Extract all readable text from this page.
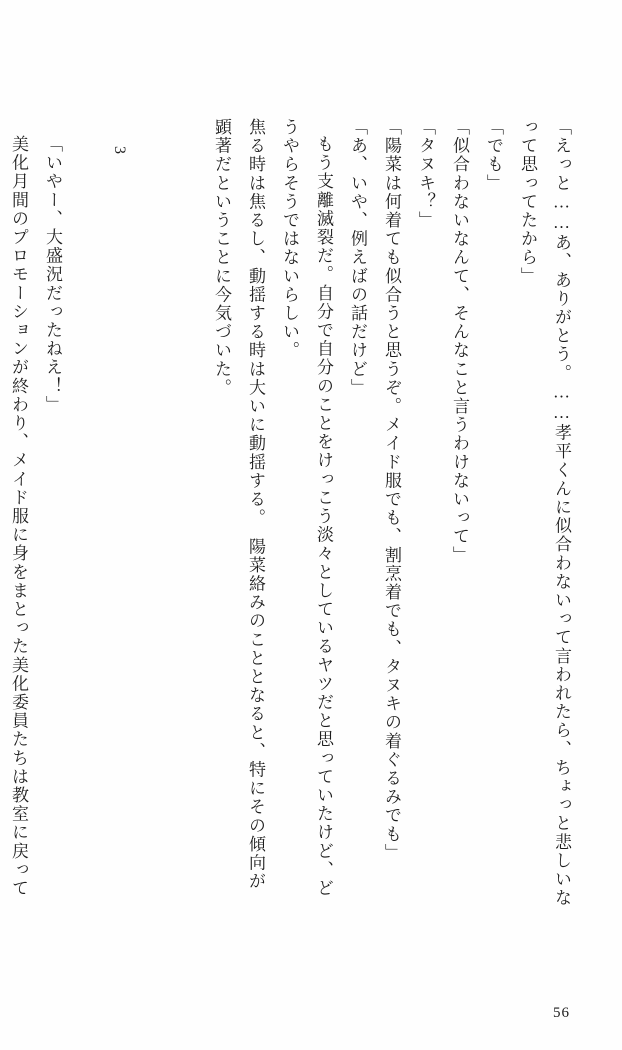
「えっと……あ、ありがとう。……孝平くんに似合わないって言われたら、ちょっと悲しいな
って思ってたから」
「でも」
「似合わないなんて、そんなこと言うわけないって」
「タヌキ？」
「陽菜は何着ても似合うと思うぞ。メイド服でも、割烹着でも、タヌキの着ぐるみでも」
「あ、いや、例えばの話だけど」
もう支離滅裂だ。自分で自分のことをけっこう淡々としているヤツだと思っていたけど、ど
うやらそうではないらしい。
焦る時は焦るし、動揺する時は大いに動揺する。　陽菜絡みのこととなると、特にその傾向が
顕著だということに今気づいた。
3
「いやー、大盛況だったねえ！」
美化月間のプロモーションが終わり、メイド服に身をまとった美化委員たちは教室に戻って
56
